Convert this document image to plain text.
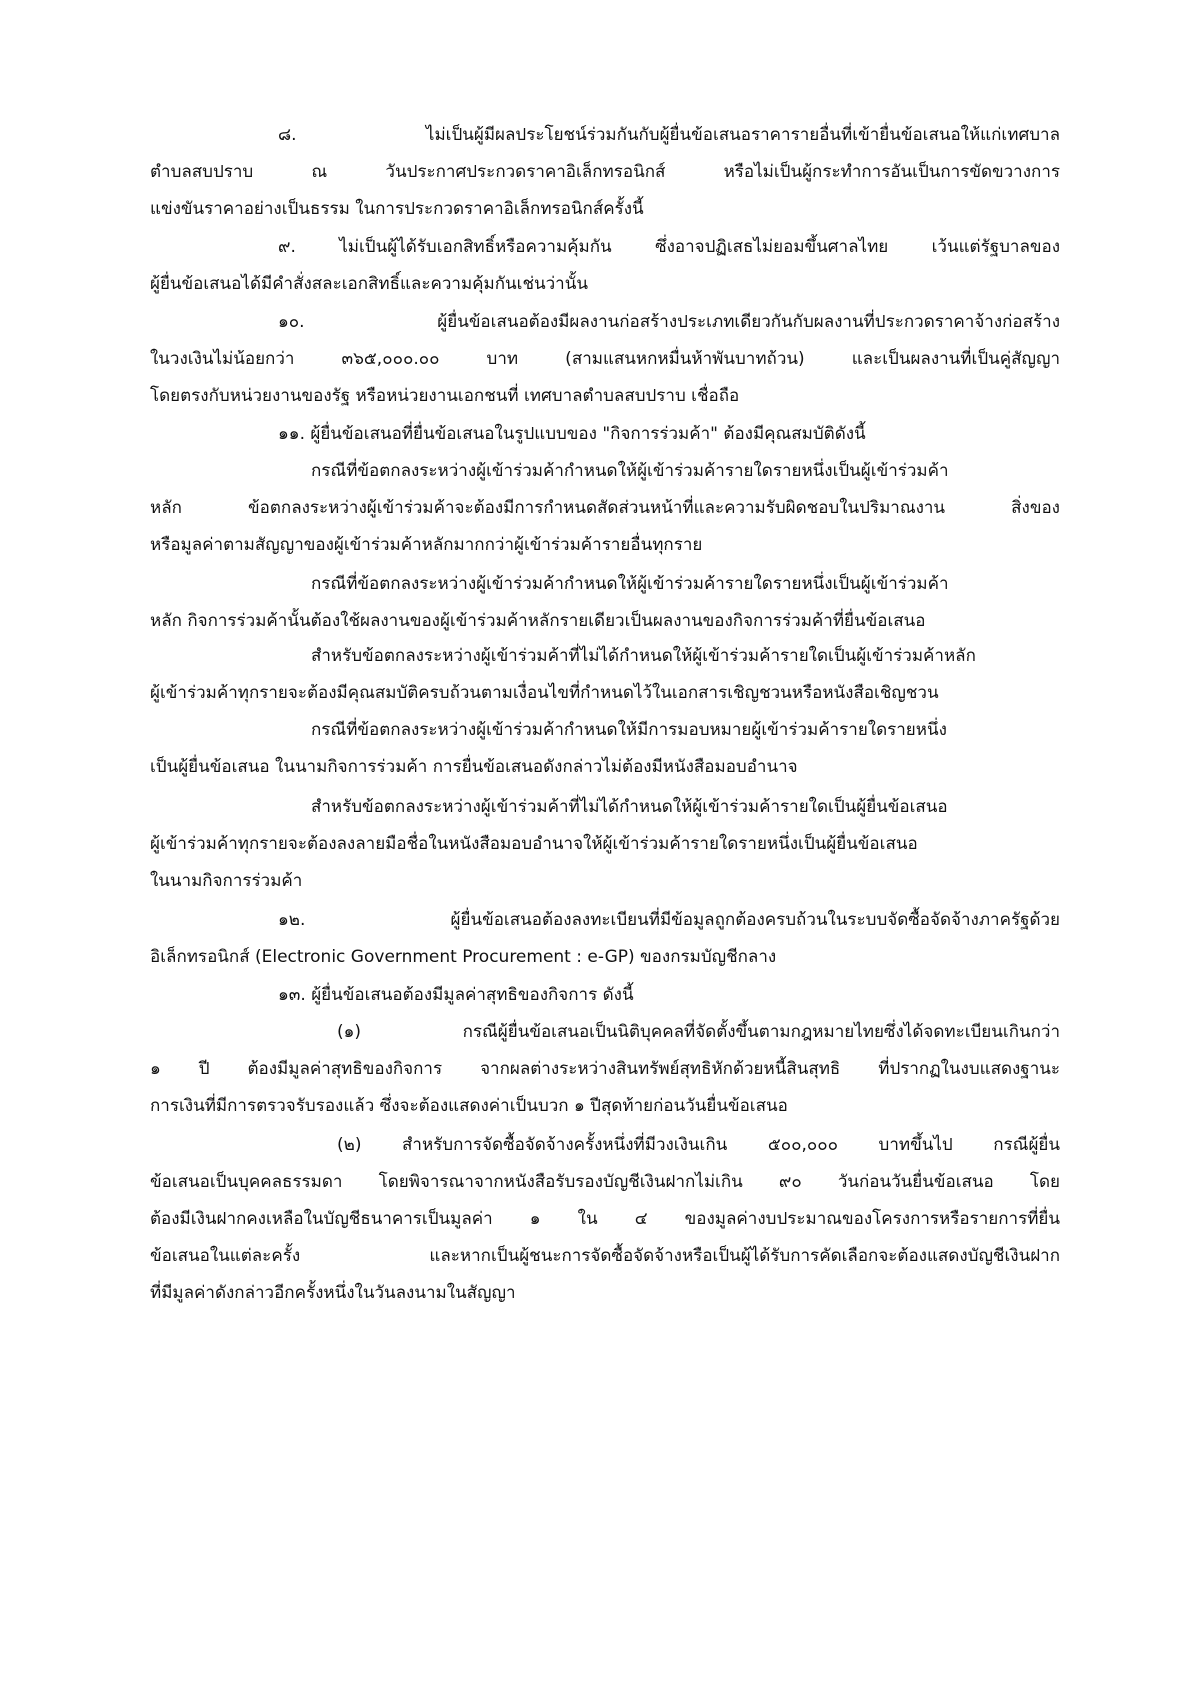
๘. ไม่เป็นผู้มีผลประโยชน์ร่วมกันกับผู้ยื่นข้อเสนอราคารายอื่นที่เข้ายื่นข้อเสนอให้แก่เทศบาล
ตำบลสบปราบ ณ วันประกาศประกวดราคาอิเล็กทรอนิกส์ หรือไม่เป็นผู้กระทำการอันเป็นการขัดขวางการ
แข่งขันราคาอย่างเป็นธรรม ในการประกวดราคาอิเล็กทรอนิกส์ครั้งนี้
๙. ไม่เป็นผู้ได้รับเอกสิทธิ์หรือความคุ้มกัน ซึ่งอาจปฏิเสธไม่ยอมขึ้นศาลไทย เว้นแต่รัฐบาลของ
ผู้ยื่นข้อเสนอได้มีคำสั่งสละเอกสิทธิ์และความคุ้มกันเช่นว่านั้น
๑๐. ผู้ยื่นข้อเสนอต้องมีผลงานก่อสร้างประเภทเดียวกันกับผลงานที่ประกวดราคาจ้างก่อสร้าง
ในวงเงินไม่น้อยกว่า ๓๖๕,๐๐๐.๐๐ บาท (สามแสนหกหมื่นห้าพันบาทถ้วน) และเป็นผลงานที่เป็นคู่สัญญา
โดยตรงกับหน่วยงานของรัฐ หรือหน่วยงานเอกชนที่ เทศบาลตำบลสบปราบ เชื่อถือ
๑๑. ผู้ยื่นข้อเสนอที่ยื่นข้อเสนอในรูปแบบของ "กิจการร่วมค้า" ต้องมีคุณสมบัติดังนี้
กรณีที่ข้อตกลงระหว่างผู้เข้าร่วมค้ากำหนดให้ผู้เข้าร่วมค้ารายใดรายหนึ่งเป็นผู้เข้าร่วมค้า
หลัก ข้อตกลงระหว่างผู้เข้าร่วมค้าจะต้องมีการกำหนดสัดส่วนหน้าที่และความรับผิดชอบในปริมาณงาน สิ่งของ
หรือมูลค่าตามสัญญาของผู้เข้าร่วมค้าหลักมากกว่าผู้เข้าร่วมค้ารายอื่นทุกราย
กรณีที่ข้อตกลงระหว่างผู้เข้าร่วมค้ากำหนดให้ผู้เข้าร่วมค้ารายใดรายหนึ่งเป็นผู้เข้าร่วมค้า
หลัก กิจการร่วมค้านั้นต้องใช้ผลงานของผู้เข้าร่วมค้าหลักรายเดียวเป็นผลงานของกิจการร่วมค้าที่ยื่นข้อเสนอ
สำหรับข้อตกลงระหว่างผู้เข้าร่วมค้าที่ไม่ได้กำหนดให้ผู้เข้าร่วมค้ารายใดเป็นผู้เข้าร่วมค้าหลัก
ผู้เข้าร่วมค้าทุกรายจะต้องมีคุณสมบัติครบถ้วนตามเงื่อนไขที่กำหนดไว้ในเอกสารเชิญชวนหรือหนังสือเชิญชวน
กรณีที่ข้อตกลงระหว่างผู้เข้าร่วมค้ากำหนดให้มีการมอบหมายผู้เข้าร่วมค้ารายใดรายหนึ่ง
เป็นผู้ยื่นข้อเสนอ ในนามกิจการร่วมค้า การยื่นข้อเสนอดังกล่าวไม่ต้องมีหนังสือมอบอำนาจ
สำหรับข้อตกลงระหว่างผู้เข้าร่วมค้าที่ไม่ได้กำหนดให้ผู้เข้าร่วมค้ารายใดเป็นผู้ยื่นข้อเสนอ
ผู้เข้าร่วมค้าทุกรายจะต้องลงลายมือชื่อในหนังสือมอบอำนาจให้ผู้เข้าร่วมค้ารายใดรายหนึ่งเป็นผู้ยื่นข้อเสนอ
ในนามกิจการร่วมค้า
๑๒. ผู้ยื่นข้อเสนอต้องลงทะเบียนที่มีข้อมูลถูกต้องครบถ้วนในระบบจัดซื้อจัดจ้างภาครัฐด้วย
อิเล็กทรอนิกส์ (Electronic Government Procurement : e-GP) ของกรมบัญชีกลาง
๑๓. ผู้ยื่นข้อเสนอต้องมีมูลค่าสุทธิของกิจการ ดังนี้
(๑) กรณีผู้ยื่นข้อเสนอเป็นนิติบุคคลที่จัดตั้งขึ้นตามกฎหมายไทยซึ่งได้จดทะเบียนเกินกว่า
๑ ปี ต้องมีมูลค่าสุทธิของกิจการ จากผลต่างระหว่างสินทรัพย์สุทธิหักด้วยหนี้สินสุทธิ ที่ปรากฏในงบแสดงฐานะ
การเงินที่มีการตรวจรับรองแล้ว ซึ่งจะต้องแสดงค่าเป็นบวก ๑ ปีสุดท้ายก่อนวันยื่นข้อเสนอ
(๒) สำหรับการจัดซื้อจัดจ้างครั้งหนึ่งที่มีวงเงินเกิน ๕๐๐,๐๐๐ บาทขึ้นไป กรณีผู้ยื่น
ข้อเสนอเป็นบุคคลธรรมดา โดยพิจารณาจากหนังสือรับรองบัญชีเงินฝากไม่เกิน ๙๐ วันก่อนวันยื่นข้อเสนอ โดย
ต้องมีเงินฝากคงเหลือในบัญชีธนาคารเป็นมูลค่า ๑ ใน ๔ ของมูลค่างบประมาณของโครงการหรือรายการที่ยื่น
ข้อเสนอในแต่ละครั้ง และหากเป็นผู้ชนะการจัดซื้อจัดจ้างหรือเป็นผู้ได้รับการคัดเลือกจะต้องแสดงบัญชีเงินฝาก
ที่มีมูลค่าดังกล่าวอีกครั้งหนึ่งในวันลงนามในสัญญา
